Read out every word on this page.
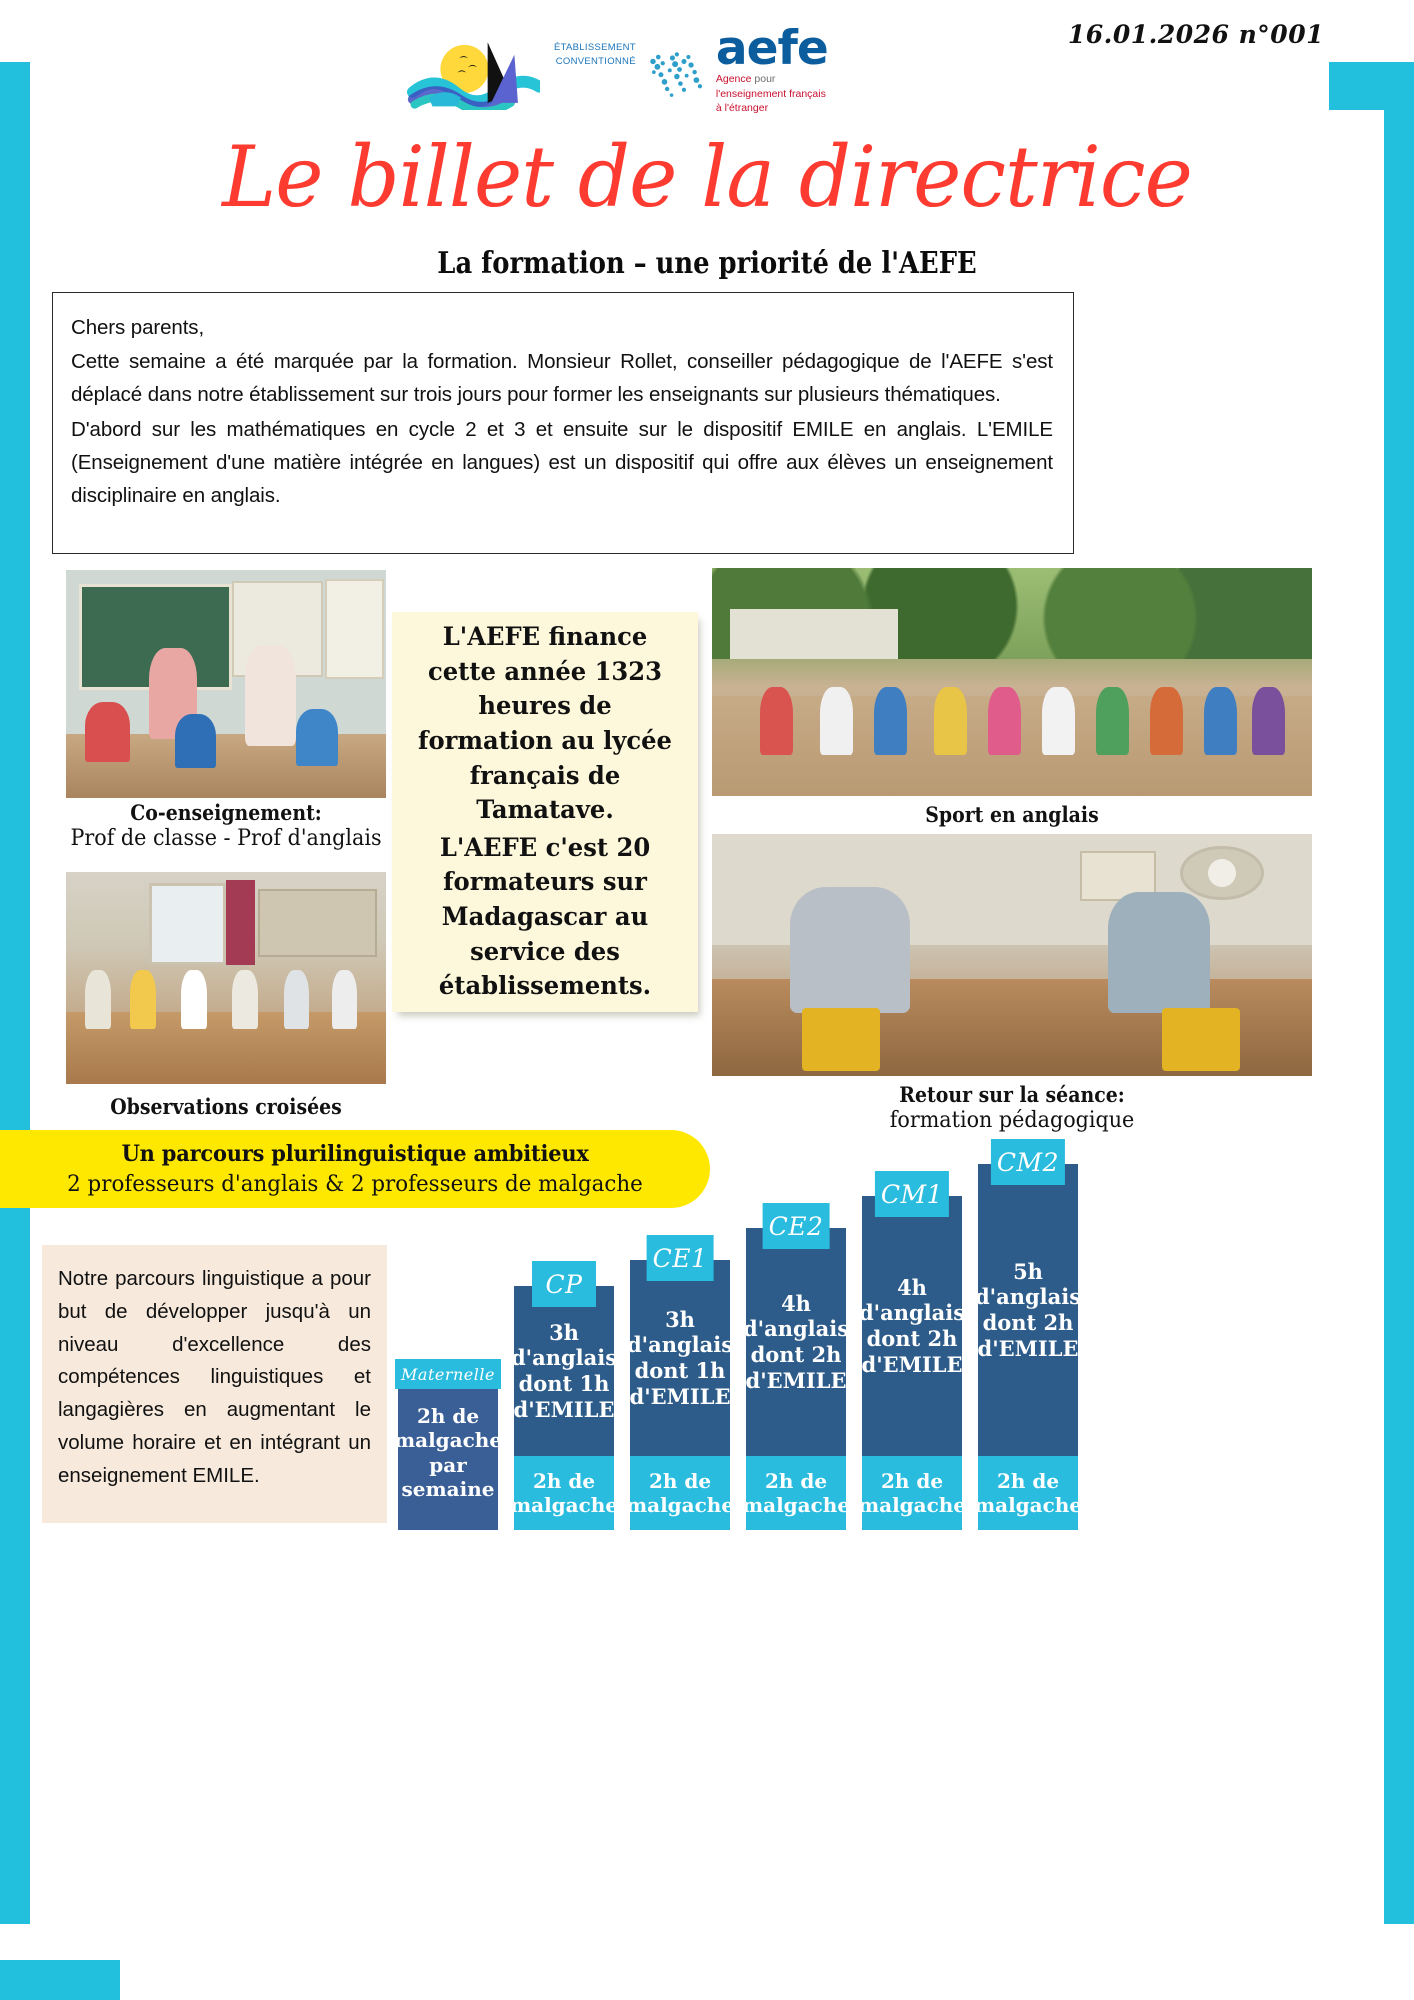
ÉTABLISSEMENT
CONVENTIONNÉ aefe
Agence pour
l'enseignement français
à l'étranger
16.01.2026 n°001
Le billet de la directrice
La formation – une priorité de l'AEFE

Chers parents,

Cette semaine a été marquée par la formation. Monsieur Rollet, conseiller pédagogique de l'AEFE s'est déplacé dans notre établissement sur trois jours pour former les enseignants sur plusieurs thématiques.

D'abord sur les mathématiques en cycle 2 et 3 et ensuite sur le dispositif EMILE en anglais. L'EMILE (Enseignement d'une matière intégrée en langues) est un dispositif qui offre aux élèves un enseignement disciplinaire en anglais.

Co-enseignement:
Prof de classe - Prof d'anglais
Sport en anglais
Observations croisées	Retour sur la séance:
formation pédagogique

L'AEFE finance cette année 1323 heures de formation au lycée français de Tamatave.

L'AEFE c'est 20 formateurs sur Madagascar au service des établissements.

Un parcours plurilinguistique ambitieux
2 professeurs d'anglais & 2 professeurs de malgache

Notre parcours linguistique a pour but de développer jusqu'à un niveau d'excellence des compétences linguistiques et langagières en augmentant le volume horaire et en intégrant un enseignement EMILE.

2h de malgache par semaine
Maternelle
3h d'anglais dont 1h d'EMILE
2h de malgache
CP
3h d'anglais dont 1h d'EMILE
2h de malgache
CE1
4h d'anglais dont 2h d'EMILE
2h de malgache
CE2
4h d'anglais dont 2h d'EMILE
2h de malgache
CM1
5h d'anglais dont 2h d'EMILE
2h de malgache
CM2
